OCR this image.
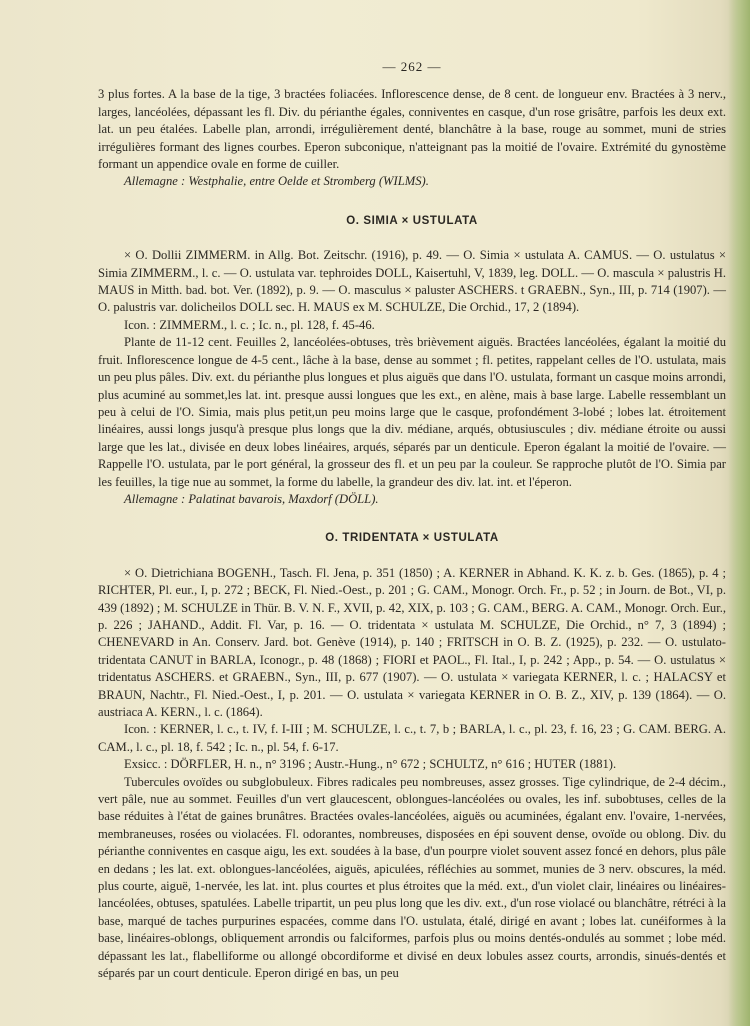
— 262 —

3 plus fortes. A la base de la tige, 3 bractées foliacées. Inflorescence dense, de 8 cent. de longueur env. Bractées à 3 nerv., larges, lancéolées, dépassant les fl. Div. du périanthe égales, conniventes en casque, d'un rose grisâtre, parfois les deux ext. lat. un peu étalées. Labelle plan, arrondi, irrégulièrement denté, blanchâtre à la base, rouge au sommet, muni de stries irrégulières formant des lignes courbes. Eperon subconique, n'atteignant pas la moitié de l'ovaire. Extrémité du gynostème formant un appendice ovale en forme de cuiller.

Allemagne : Westphalie, entre Oelde et Stromberg (WILMS).

O. SIMIA × USTULATA

× O. Dollii ZIMMERM. in Allg. Bot. Zeitschr. (1916), p. 49. — O. Simia × ustulata A. CAMUS. — O. ustulatus × Simia ZIMMERM., l. c. — O. ustulata var. tephroides DOLL, Kaisertuhl, V, 1839, leg. DOLL. — O. mascula × palustris H. MAUS in Mitth. bad. bot. Ver. (1892), p. 9. — O. masculus × paluster ASCHERS. t GRAEBN., Syn., III, p. 714 (1907). — O. palustris var. dolicheilos DOLL sec. H. MAUS ex M. SCHULZE, Die Orchid., 17, 2 (1894).

Icon. : ZIMMERM., l. c. ; Ic. n., pl. 128, f. 45-46.

Plante de 11-12 cent. Feuilles 2, lancéolées-obtuses, très brièvement aiguës. Bractées lancéolées, égalant la moitié du fruit. Inflorescence longue de 4-5 cent., lâche à la base, dense au sommet ; fl. petites, rappelant celles de l'O. ustulata, mais un peu plus pâles. Div. ext. du périanthe plus longues et plus aiguës que dans l'O. ustulata, formant un casque moins arrondi, plus acuminé au sommet,les lat. int. presque aussi longues que les ext., en alène, mais à base large. Labelle ressemblant un peu à celui de l'O. Simia, mais plus petit,un peu moins large que le casque, profondément 3-lobé ; lobes lat. étroitement linéaires, aussi longs jusqu'à presque plus longs que la div. médiane, arqués, obtusiuscules ; div. médiane étroite ou aussi large que les lat., divisée en deux lobes linéaires, arqués, séparés par un denticule. Eperon égalant la moitié de l'ovaire. — Rappelle l'O. ustulata, par le port général, la grosseur des fl. et un peu par la couleur. Se rapproche plutôt de l'O. Simia par les feuilles, la tige nue au sommet, la forme du labelle, la grandeur des div. lat. int. et l'éperon.

Allemagne : Palatinat bavarois, Maxdorf (DÖLL).

O. TRIDENTATA × USTULATA

× O. Dietrichiana BOGENH., Tasch. Fl. Jena, p. 351 (1850) ; A. KERNER in Abhand. K. K. z. b. Ges. (1865), p. 4 ; RICHTER, Pl. eur., I, p. 272 ; BECK, Fl. Nied.-Oest., p. 201 ; G. CAM., Monogr. Orch. Fr., p. 52 ; in Journ. de Bot., VI, p. 439 (1892) ; M. SCHULZE in Thür. B. V. N. F., XVII, p. 42, XIX, p. 103 ; G. CAM., BERG. A. CAM., Monogr. Orch. Eur., p. 226 ; JAHAND., Addit. Fl. Var, p. 16. — O. tridentata × ustulata M. SCHULZE, Die Orchid., n° 7, 3 (1894) ; CHENEVARD in An. Conserv. Jard. bot. Genève (1914), p. 140 ; FRITSCH in O. B. Z. (1925), p. 232. — O. ustulato-tridentata CANUT in BARLA, Iconogr., p. 48 (1868) ; FIORI et PAOL., Fl. Ital., I, p. 242 ; App., p. 54. — O. ustulatus × tridentatus ASCHERS. et GRAEBN., Syn., III, p. 677 (1907). — O. ustulata × variegata KERNER, l. c. ; HALACSY et BRAUN, Nachtr., Fl. Nied.-Oest., I, p. 201. — O. ustulata × variegata KERNER in O. B. Z., XIV, p. 139 (1864). — O. austriaca A. KERN., l. c. (1864).

Icon. : KERNER, l. c., t. IV, f. I-III ; M. SCHULZE, l. c., t. 7, b ; BARLA, l. c., pl. 23, f. 16, 23 ; G. CAM. BERG. A. CAM., l. c., pl. 18, f. 542 ; Ic. n., pl. 54, f. 6-17.

Exsicc. : DÖRFLER, H. n., n° 3196 ; Austr.-Hung., n° 672 ; SCHULTZ, n° 616 ; HUTER (1881).

Tubercules ovoïdes ou subglobuleux. Fibres radicales peu nombreuses, assez grosses. Tige cylindrique, de 2-4 décim., vert pâle, nue au sommet. Feuilles d'un vert glaucescent, oblongues-lancéolées ou ovales, les inf. subobtuses, celles de la base réduites à l'état de gaines brunâtres. Bractées ovales-lancéolées, aiguës ou acuminées, égalant env. l'ovaire, 1-nervées, membraneuses, rosées ou violacées. Fl. odorantes, nombreuses, disposées en épi souvent dense, ovoïde ou oblong. Div. du périanthe conniventes en casque aigu, les ext. soudées à la base, d'un pourpre violet souvent assez foncé en dehors, plus pâle en dedans ; les lat. ext. oblongues-lancéolées, aiguës, apiculées, réfléchies au sommet, munies de 3 nerv. obscures, la méd. plus courte, aiguë, 1-nervée, les lat. int. plus courtes et plus étroites que la méd. ext., d'un violet clair, linéaires ou linéaires-lancéolées, obtuses, spatulées. Labelle tripartit, un peu plus long que les div. ext., d'un rose violacé ou blanchâtre, rétréci à la base, marqué de taches purpurines espacées, comme dans l'O. ustulata, étalé, dirigé en avant ; lobes lat. cunéiformes à la base, linéaires-oblongs, obliquement arrondis ou falciformes, parfois plus ou moins dentés-ondulés au sommet ; lobe méd. dépassant les lat., flabelliforme ou allongé obcordiforme et divisé en deux lobules assez courts, arrondis, sinués-dentés et séparés par un court denticule. Eperon dirigé en bas, un peu
